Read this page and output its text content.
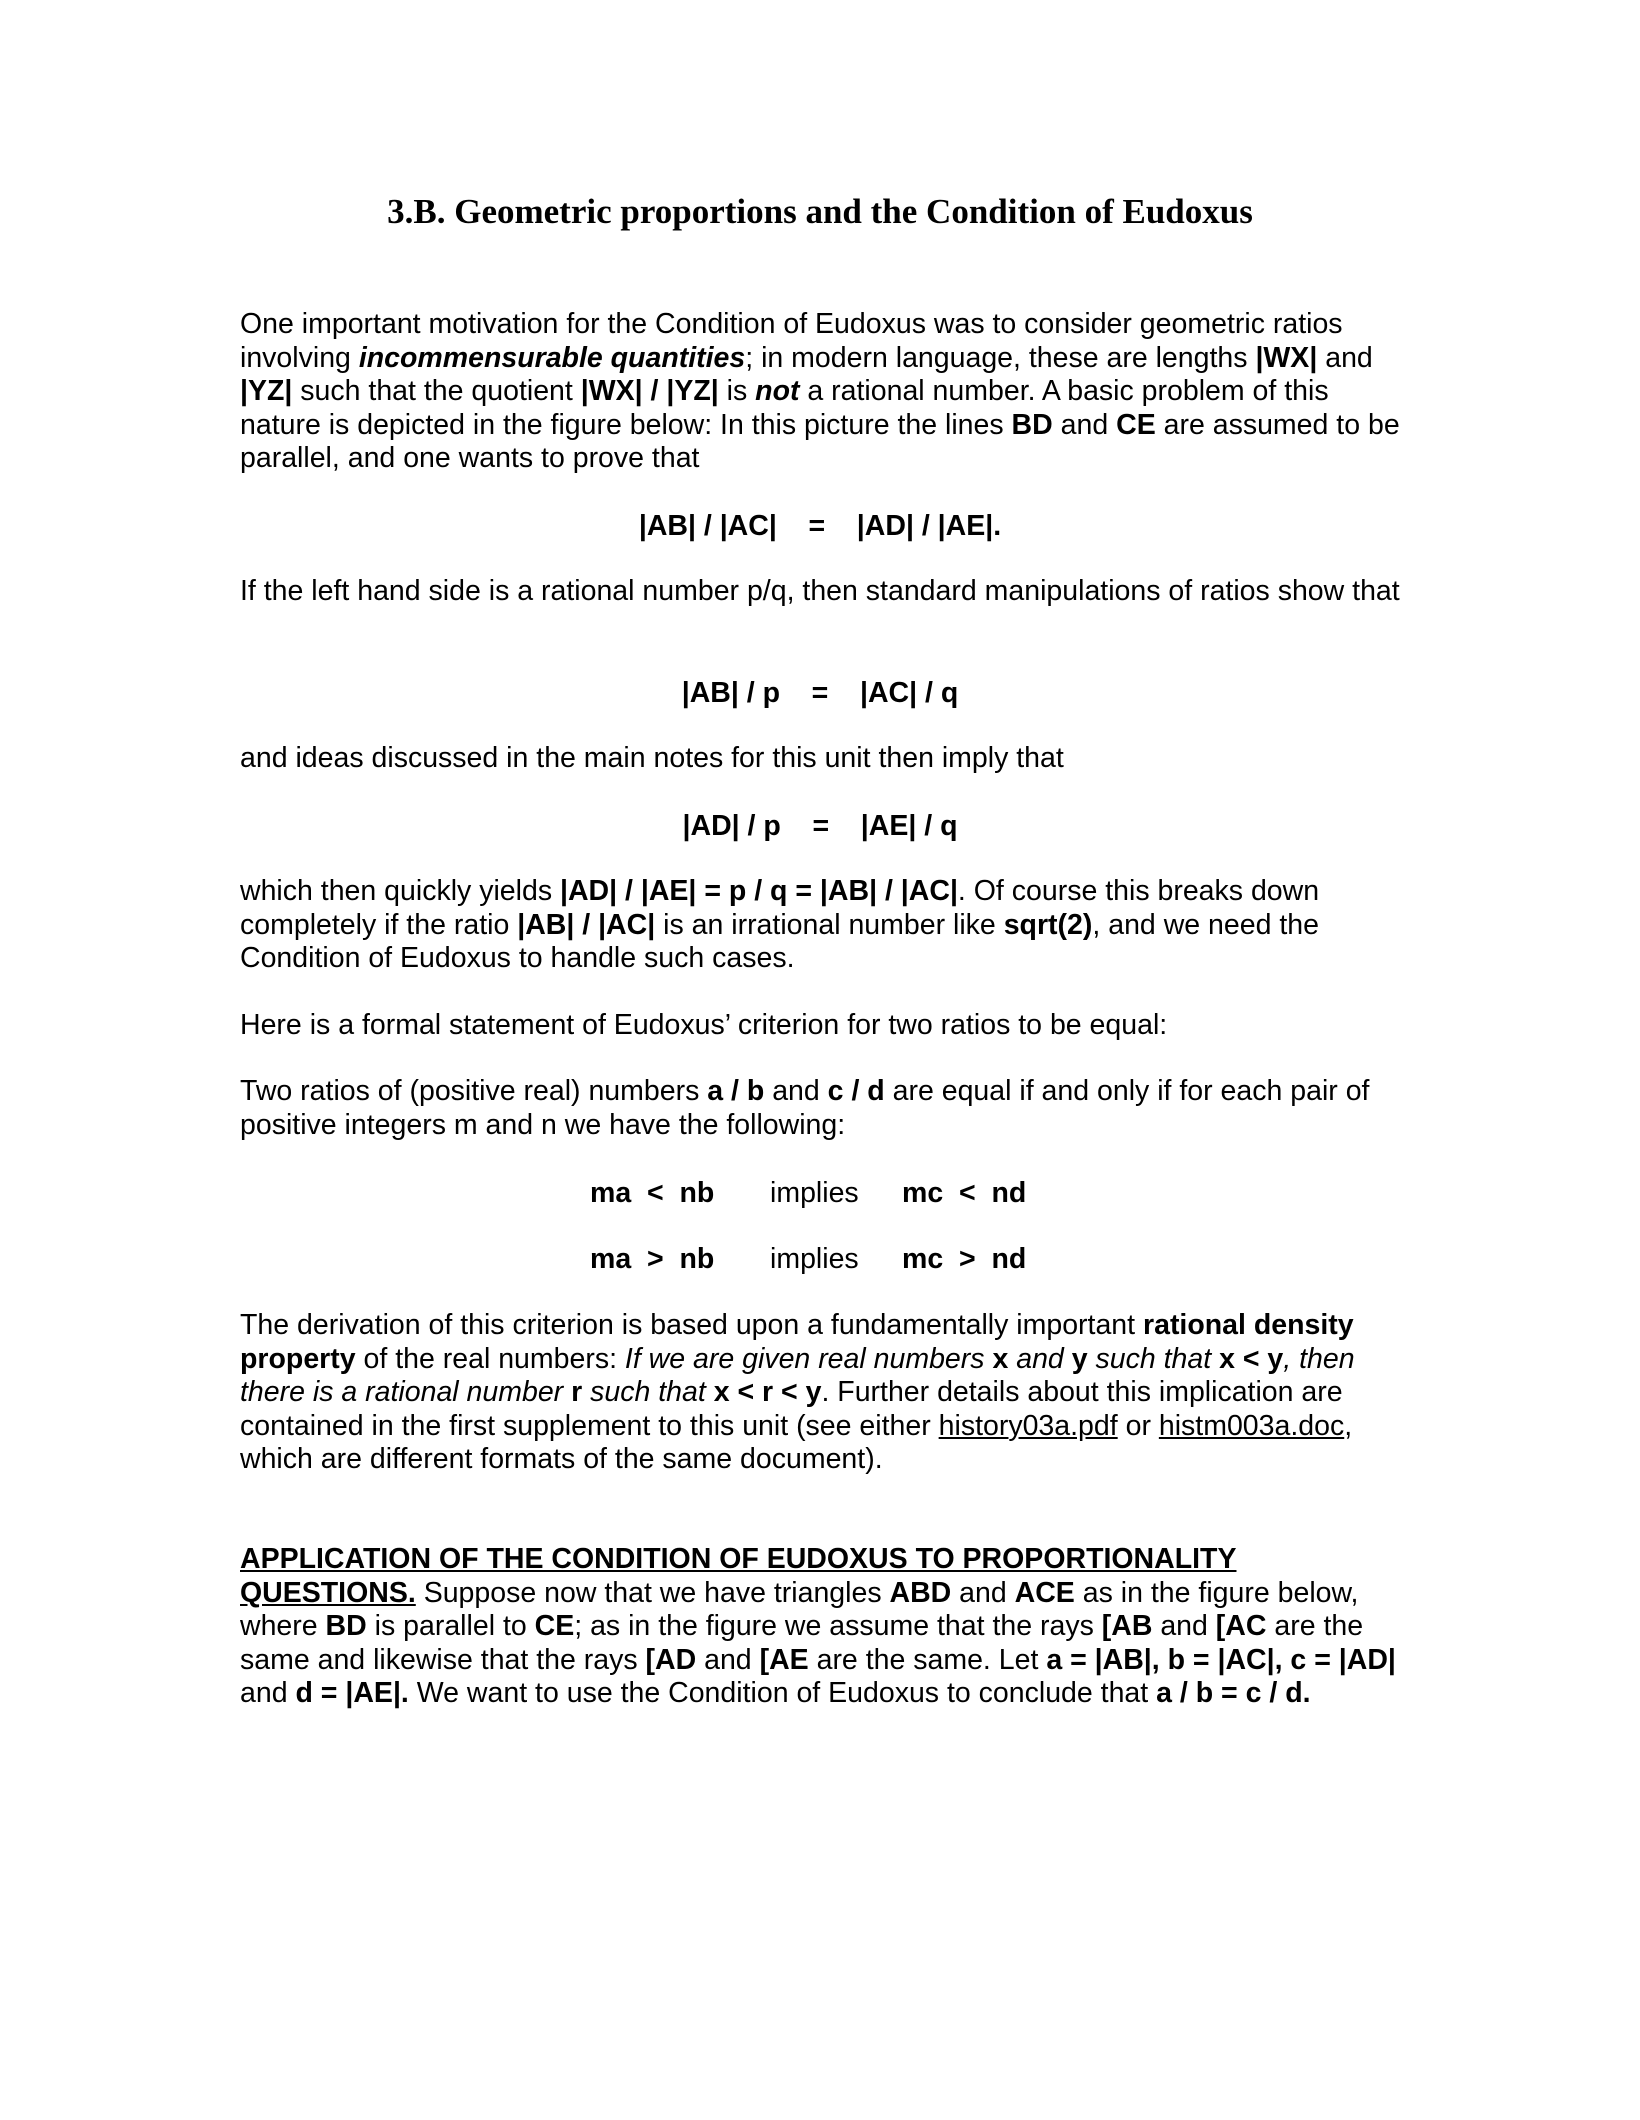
3.B. Geometric proportions and the Condition of Eudoxus

One important motivation for the Condition of Eudoxus was to consider geometric ratios involving incommensurable quantities; in modern language, these are lengths |WX| and |YZ| such that the quotient |WX| / |YZ| is not a rational number. A basic problem of this nature is depicted in the figure below: In this picture the lines BD and CE are assumed to be parallel, and one wants to prove that

|AB| / |AC|    =    |AD| / |AE|.

If the left hand side is a rational number p/q, then standard manipulations of ratios show that

|AB| / p    =    |AC| / q

and ideas discussed in the main notes for this unit then imply that

|AD| / p    =    |AE| / q

which then quickly yields |AD| / |AE| = p / q = |AB| / |AC|. Of course this breaks down completely if the ratio |AB| / |AC| is an irrational number like sqrt(2), and we need the Condition of Eudoxus to handle such cases.

Here is a formal statement of Eudoxus’ criterion for two ratios to be equal:

Two ratios of (positive real) numbers a / b and c / d are equal if and only if for each pair of positive integers m and n we have the following:

ma  <  nb implies mc  <  nd
ma  >  nb implies mc  >  nd

The derivation of this criterion is based upon a fundamentally important rational density property of the real numbers: If we are given real numbers x and y such that x < y, then there is a rational number r such that x < r < y. Further details about this implication are contained in the first supplement to this unit (see either history03a.pdf or histm003a.doc, which are different formats of the same document).

APPLICATION OF THE CONDITION OF EUDOXUS TO PROPORTIONALITY QUESTIONS. Suppose now that we have triangles ABD and ACE as in the figure below, where BD is parallel to CE; as in the figure we assume that the rays [AB and [AC are the same and likewise that the rays [AD and [AE are the same. Let a = |AB|, b = |AC|, c = |AD| and d = |AE|. We want to use the Condition of Eudoxus to conclude that a / b = c / d.
